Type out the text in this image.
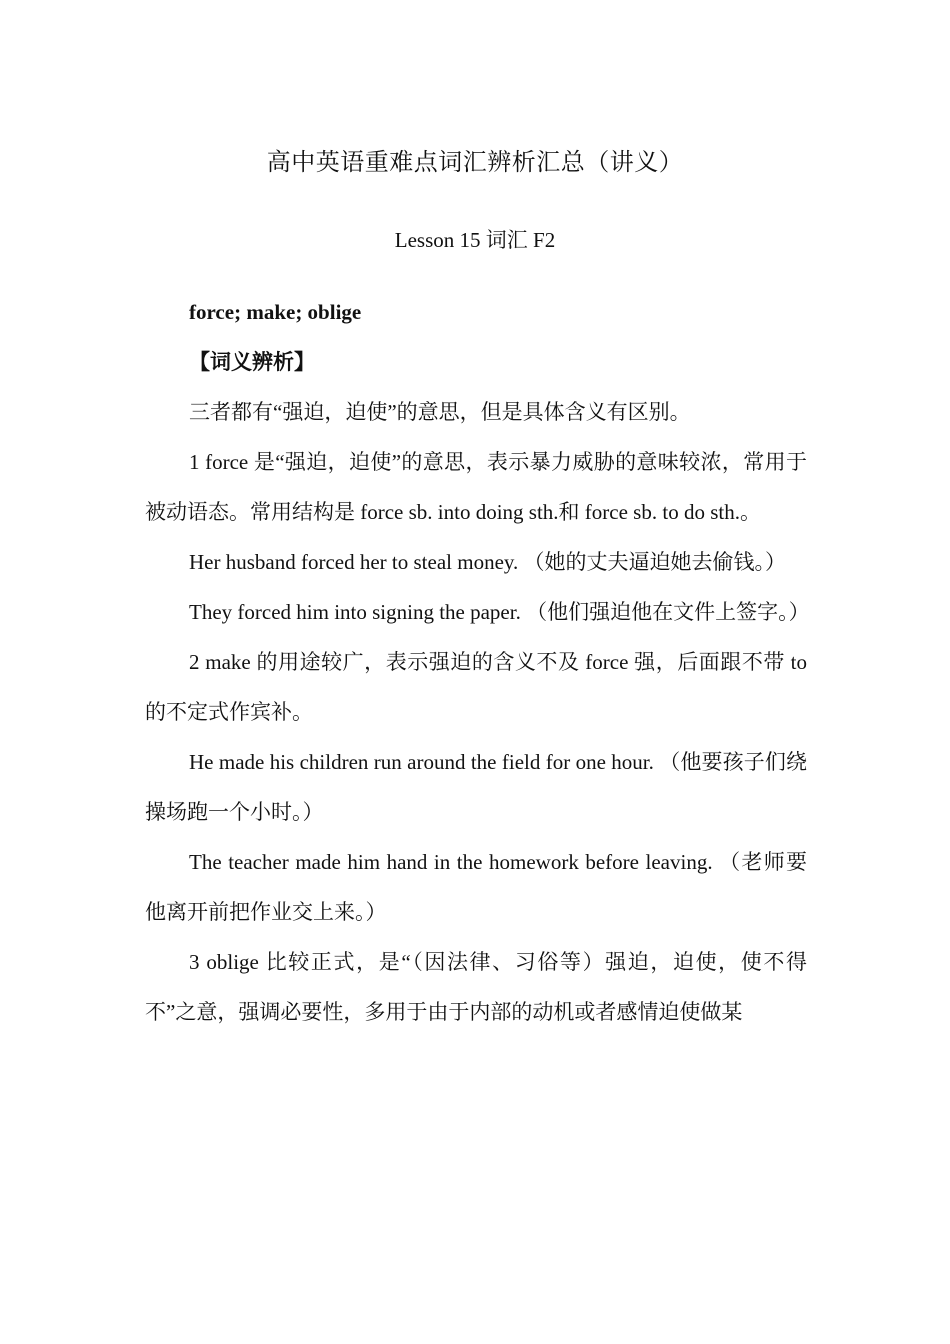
高中英语重难点词汇辨析汇总（讲义）
Lesson 15 词汇 F2

force; make; oblige

【词义辨析】

三者都有“强迫，迫使”的意思，但是具体含义有区别。

1 force 是“强迫，迫使”的意思，表示暴力威胁的意味较浓，常用于被动语态。常用结构是 force sb. into doing sth.和 force sb. to do sth.。

Her husband forced her to steal money. （她的丈夫逼迫她去偷钱。）

They forced him into signing the paper. （他们强迫他在文件上签字。）

2 make 的用途较广，表示强迫的含义不及 force 强，后面跟不带 to 的不定式作宾补。

He made his children run around the field for one hour. （他要孩子们绕操场跑一个小时。）

The teacher made him hand in the homework before leaving. （老师要他离开前把作业交上来。）

3 oblige 比较正式，是“（因法律、习俗等）强迫，迫使，使不得不”之意，强调必要性，多用于由于内部的动机或者感情迫使做某
